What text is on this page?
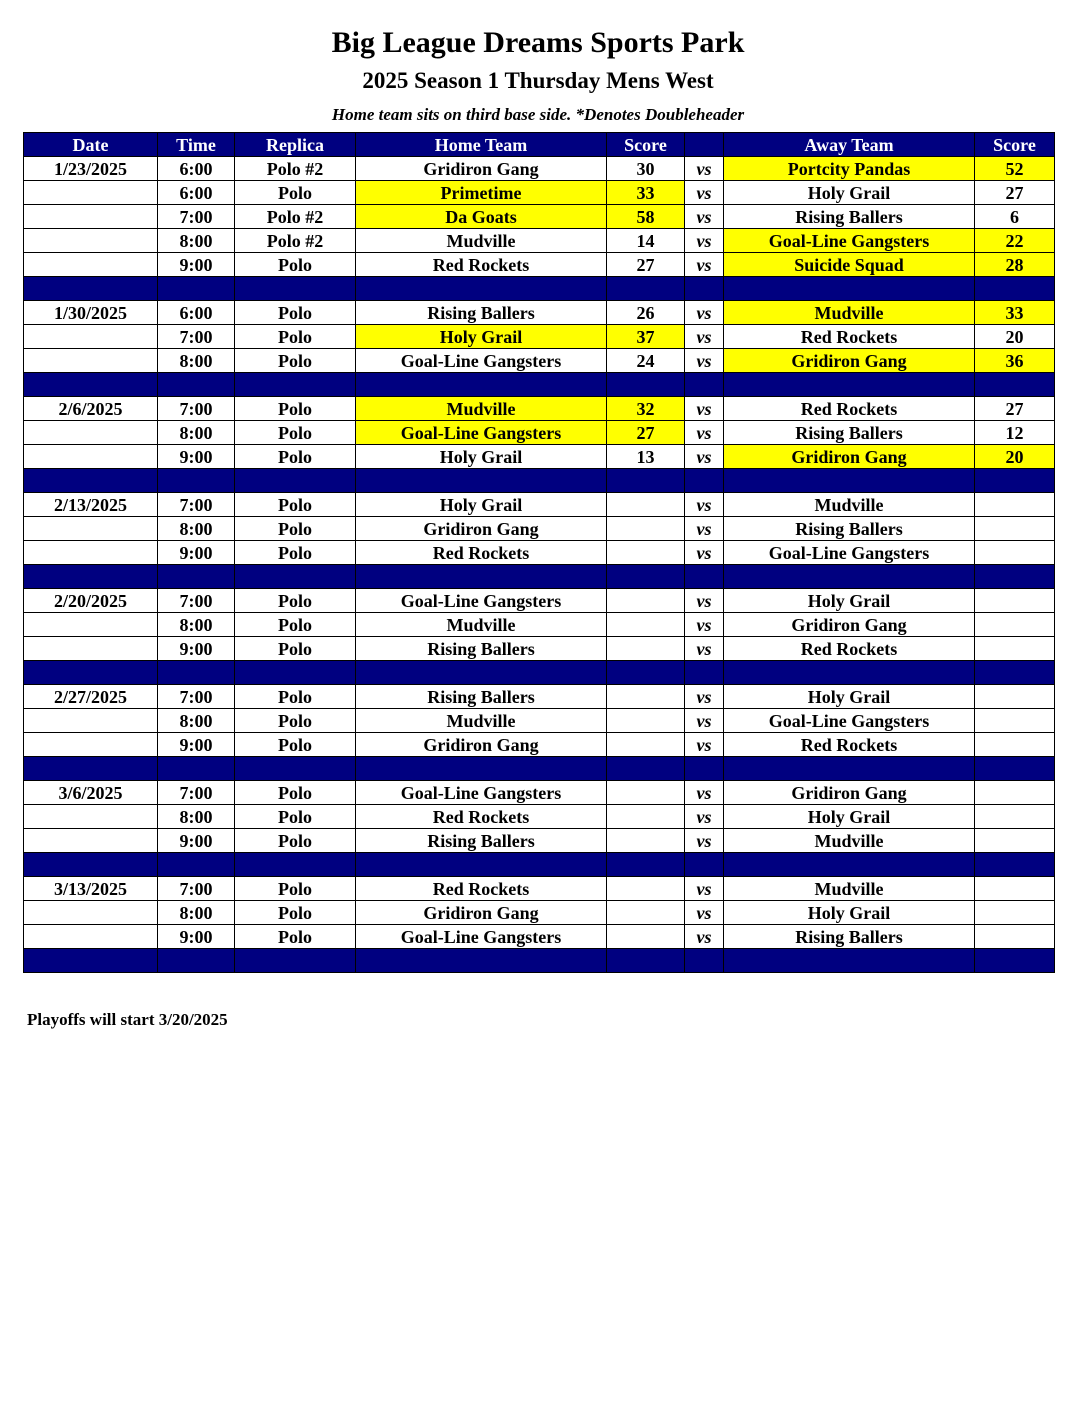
Big League Dreams Sports Park
2025 Season 1 Thursday Mens West
Home team sits on third base side. *Denotes Doubleheader
Date	Time	Replica	Home Team	Score		Away Team	Score
1/23/2025	6:00	Polo #2	Gridiron Gang	30	vs	Portcity Pandas	52
	6:00	Polo	Primetime	33	vs	Holy Grail	27
	7:00	Polo #2	Da Goats	58	vs	Rising Ballers	6
	8:00	Polo #2	Mudville	14	vs	Goal-Line Gangsters	22
	9:00	Polo	Red Rockets	27	vs	Suicide Squad	28

1/30/2025	6:00	Polo	Rising Ballers	26	vs	Mudville	33
	7:00	Polo	Holy Grail	37	vs	Red Rockets	20
	8:00	Polo	Goal-Line Gangsters	24	vs	Gridiron Gang	36

2/6/2025	7:00	Polo	Mudville	32	vs	Red Rockets	27
	8:00	Polo	Goal-Line Gangsters	27	vs	Rising Ballers	12
	9:00	Polo	Holy Grail	13	vs	Gridiron Gang	20

2/13/2025	7:00	Polo	Holy Grail		vs	Mudville	
	8:00	Polo	Gridiron Gang		vs	Rising Ballers	
	9:00	Polo	Red Rockets		vs	Goal-Line Gangsters	

2/20/2025	7:00	Polo	Goal-Line Gangsters		vs	Holy Grail	
	8:00	Polo	Mudville		vs	Gridiron Gang	
	9:00	Polo	Rising Ballers		vs	Red Rockets	

2/27/2025	7:00	Polo	Rising Ballers		vs	Holy Grail	
	8:00	Polo	Mudville		vs	Goal-Line Gangsters	
	9:00	Polo	Gridiron Gang		vs	Red Rockets	

3/6/2025	7:00	Polo	Goal-Line Gangsters		vs	Gridiron Gang	
	8:00	Polo	Red Rockets		vs	Holy Grail	
	9:00	Polo	Rising Ballers		vs	Mudville	

3/13/2025	7:00	Polo	Red Rockets		vs	Mudville	
	8:00	Polo	Gridiron Gang		vs	Holy Grail	
	9:00	Polo	Goal-Line Gangsters		vs	Rising Ballers	

Playoffs will start 3/20/2025
